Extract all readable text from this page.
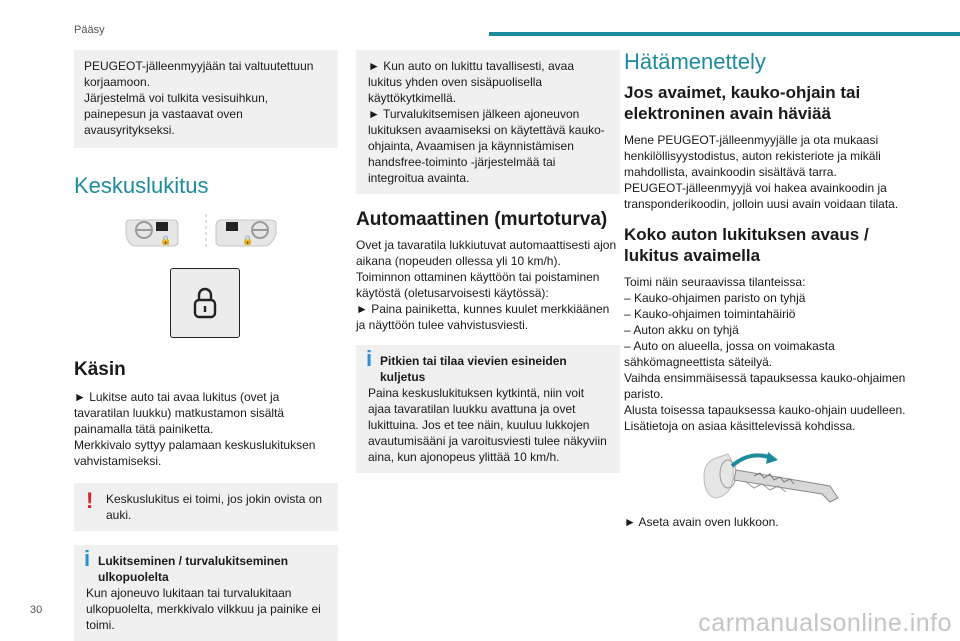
Pääsy

PEUGEOT-jälleenmyyjään tai valtuutettuun korjaamoon.
Järjestelmä voi tulkita vesisuihkun, painepesun ja vastaavat oven avausyritykseksi.

Keskuslukitus
🔒	🔒
Käsin

► Lukitse auto tai avaa lukitus (ovet ja tavaratilan luukku) matkustamon sisältä painamalla tätä painiketta.
Merkkivalo syttyy palamaan keskuslukituksen vahvistamiseksi.

! Keskuslukitus ei toimi, jos jokin ovista on auki.

i Lukitseminen / turvalukitseminen ulkopuolelta

Kun ajoneuvo lukitaan tai turvalukitaan ulkopuolelta, merkkivalo vilkkuu ja painike ei toimi.

► Kun auto on lukittu tavallisesti, avaa lukitus yhden oven sisäpuolisella käyttökytkimellä.
► Turvalukitsemisen jälkeen ajoneuvon lukituksen avaamiseksi on käytettävä kauko-ohjainta, Avaamisen ja käynnistämisen handsfree-toiminto -järjestelmää tai integroitua avainta.

Automaattinen (murtoturva)

Ovet ja tavaratila lukkiutuvat automaattisesti ajon aikana (nopeuden ollessa yli 10 km/h).
Toiminnon ottaminen käyttöön tai poistaminen käytöstä (oletusarvoisesti käytössä):
► Paina painiketta, kunnes kuulet merkkiäänen ja näyttöön tulee vahvistusviesti.

i Pitkien tai tilaa vievien esineiden kuljetus

Paina keskuslukituksen kytkintä, niin voit ajaa tavaratilan luukku avattuna ja ovet lukittuina. Jos et tee näin, kuuluu lukkojen avautumisääni ja varoitusviesti tulee näkyviin aina, kun ajonopeus ylittää 10 km/h.

Hätämenettely
Jos avaimet, kauko-ohjain tai elektroninen avain häviää

Mene PEUGEOT-jälleenmyyjälle ja ota mukaasi henkilöllisyystodistus, auton rekisteriote ja mikäli mahdollista, avainkoodin sisältävä tarra.
PEUGEOT-jälleenmyyjä voi hakea avainkoodin ja transponderikoodin, jolloin uusi avain voidaan tilata.

Koko auton lukituksen avaus / lukitus avaimella

Toimi näin seuraavissa tilanteissa:
– Kauko-ohjaimen paristo on tyhjä
– Kauko-ohjaimen toimintahäiriö
– Auton akku on tyhjä
– Auto on alueella, jossa on voimakasta sähkömagneettista säteilyä.
Vaihda ensimmäisessä tapauksessa kauko-ohjaimen paristo.
Alusta toisessa tapauksessa kauko-ohjain uudelleen.
Lisätietoja on asiaa käsittelevissä kohdissa.

► Aseta avain oven lukkoon.

30	carmanualsonline.info
